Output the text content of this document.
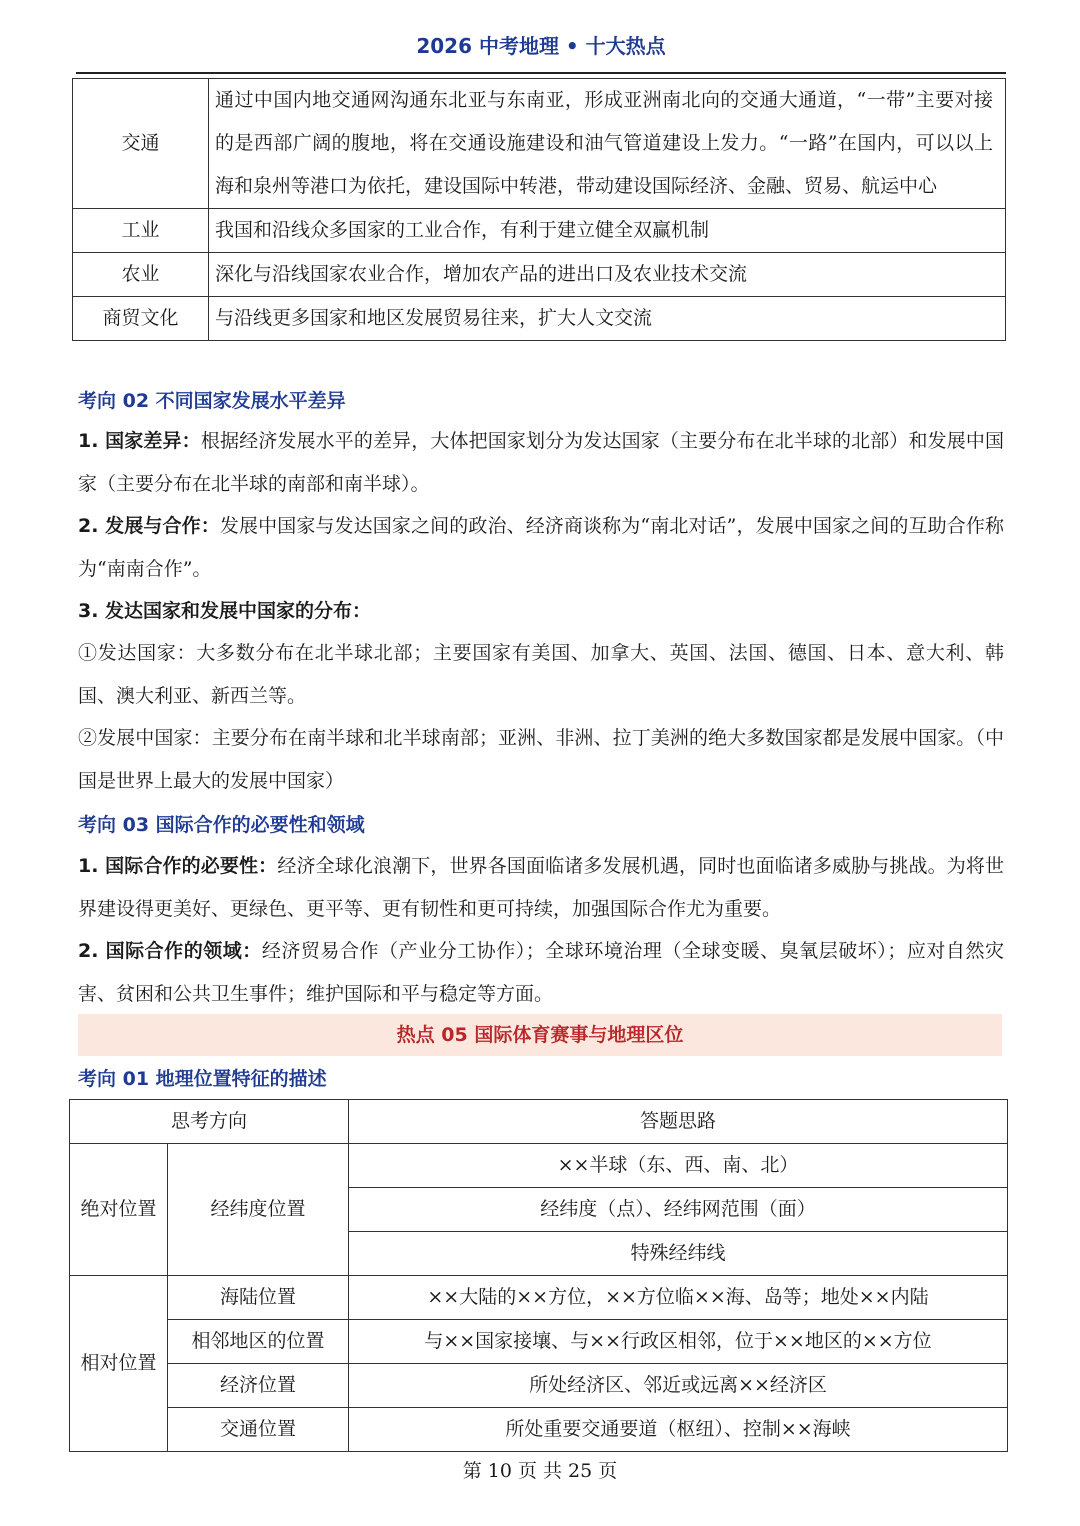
2026 中考地理 • 十大热点
交通	通过中国内地交通网沟通东北亚与东南亚，形成亚洲南北向的交通大通道，“一带”主要对接的是西部广阔的腹地，将在交通设施建设和油气管道建设上发力。“一路”在国内，可以以上海和泉州等港口为依托，建设国际中转港，带动建设国际经济、金融、贸易、航运中心
工业	我国和沿线众多国家的工业合作，有利于建立健全双赢机制
农业	深化与沿线国家农业合作，增加农产品的进出口及农业技术交流
商贸文化	与沿线更多国家和地区发展贸易往来，扩大人文交流
考向 02 不同国家发展水平差异

1. 国家差异：根据经济发展水平的差异，大体把国家划分为发达国家（主要分布在北半球的北部）和发展中国家（主要分布在北半球的南部和南半球）。

2. 发展与合作：发展中国家与发达国家之间的政治、经济商谈称为“南北对话”，发展中国家之间的互助合作称为“南南合作”。

3. 发达国家和发展中国家的分布：

①发达国家：大多数分布在北半球北部；主要国家有美国、加拿大、英国、法国、德国、日本、意大利、韩国、澳大利亚、新西兰等。

②发展中国家：主要分布在南半球和北半球南部；亚洲、非洲、拉丁美洲的绝大多数国家都是发展中国家。（中国是世界上最大的发展中国家）

考向 03 国际合作的必要性和领域

1. 国际合作的必要性：经济全球化浪潮下，世界各国面临诸多发展机遇，同时也面临诸多威胁与挑战。为将世界建设得更美好、更绿色、更平等、更有韧性和更可持续，加强国际合作尤为重要。

2. 国际合作的领域：经济贸易合作（产业分工协作）；全球环境治理（全球变暖、臭氧层破坏）；应对自然灾害、贫困和公共卫生事件；维护国际和平与稳定等方面。

热点 05 国际体育赛事与地理区位
考向 01 地理位置特征的描述
思考方向		答题思路
绝对位置	经纬度位置	××半球（东、西、南、北）
		经纬度（点）、经纬网范围（面）
		特殊经纬线
相对位置	海陆位置	××大陆的××方位，××方位临××海、岛等；地处××内陆
	相邻地区的位置	与××国家接壤、与××行政区相邻，位于××地区的××方位
	经济位置	所处经济区、邻近或远离××经济区
	交通位置	所处重要交通要道（枢纽）、控制××海峡
第 10 页 共 25 页
